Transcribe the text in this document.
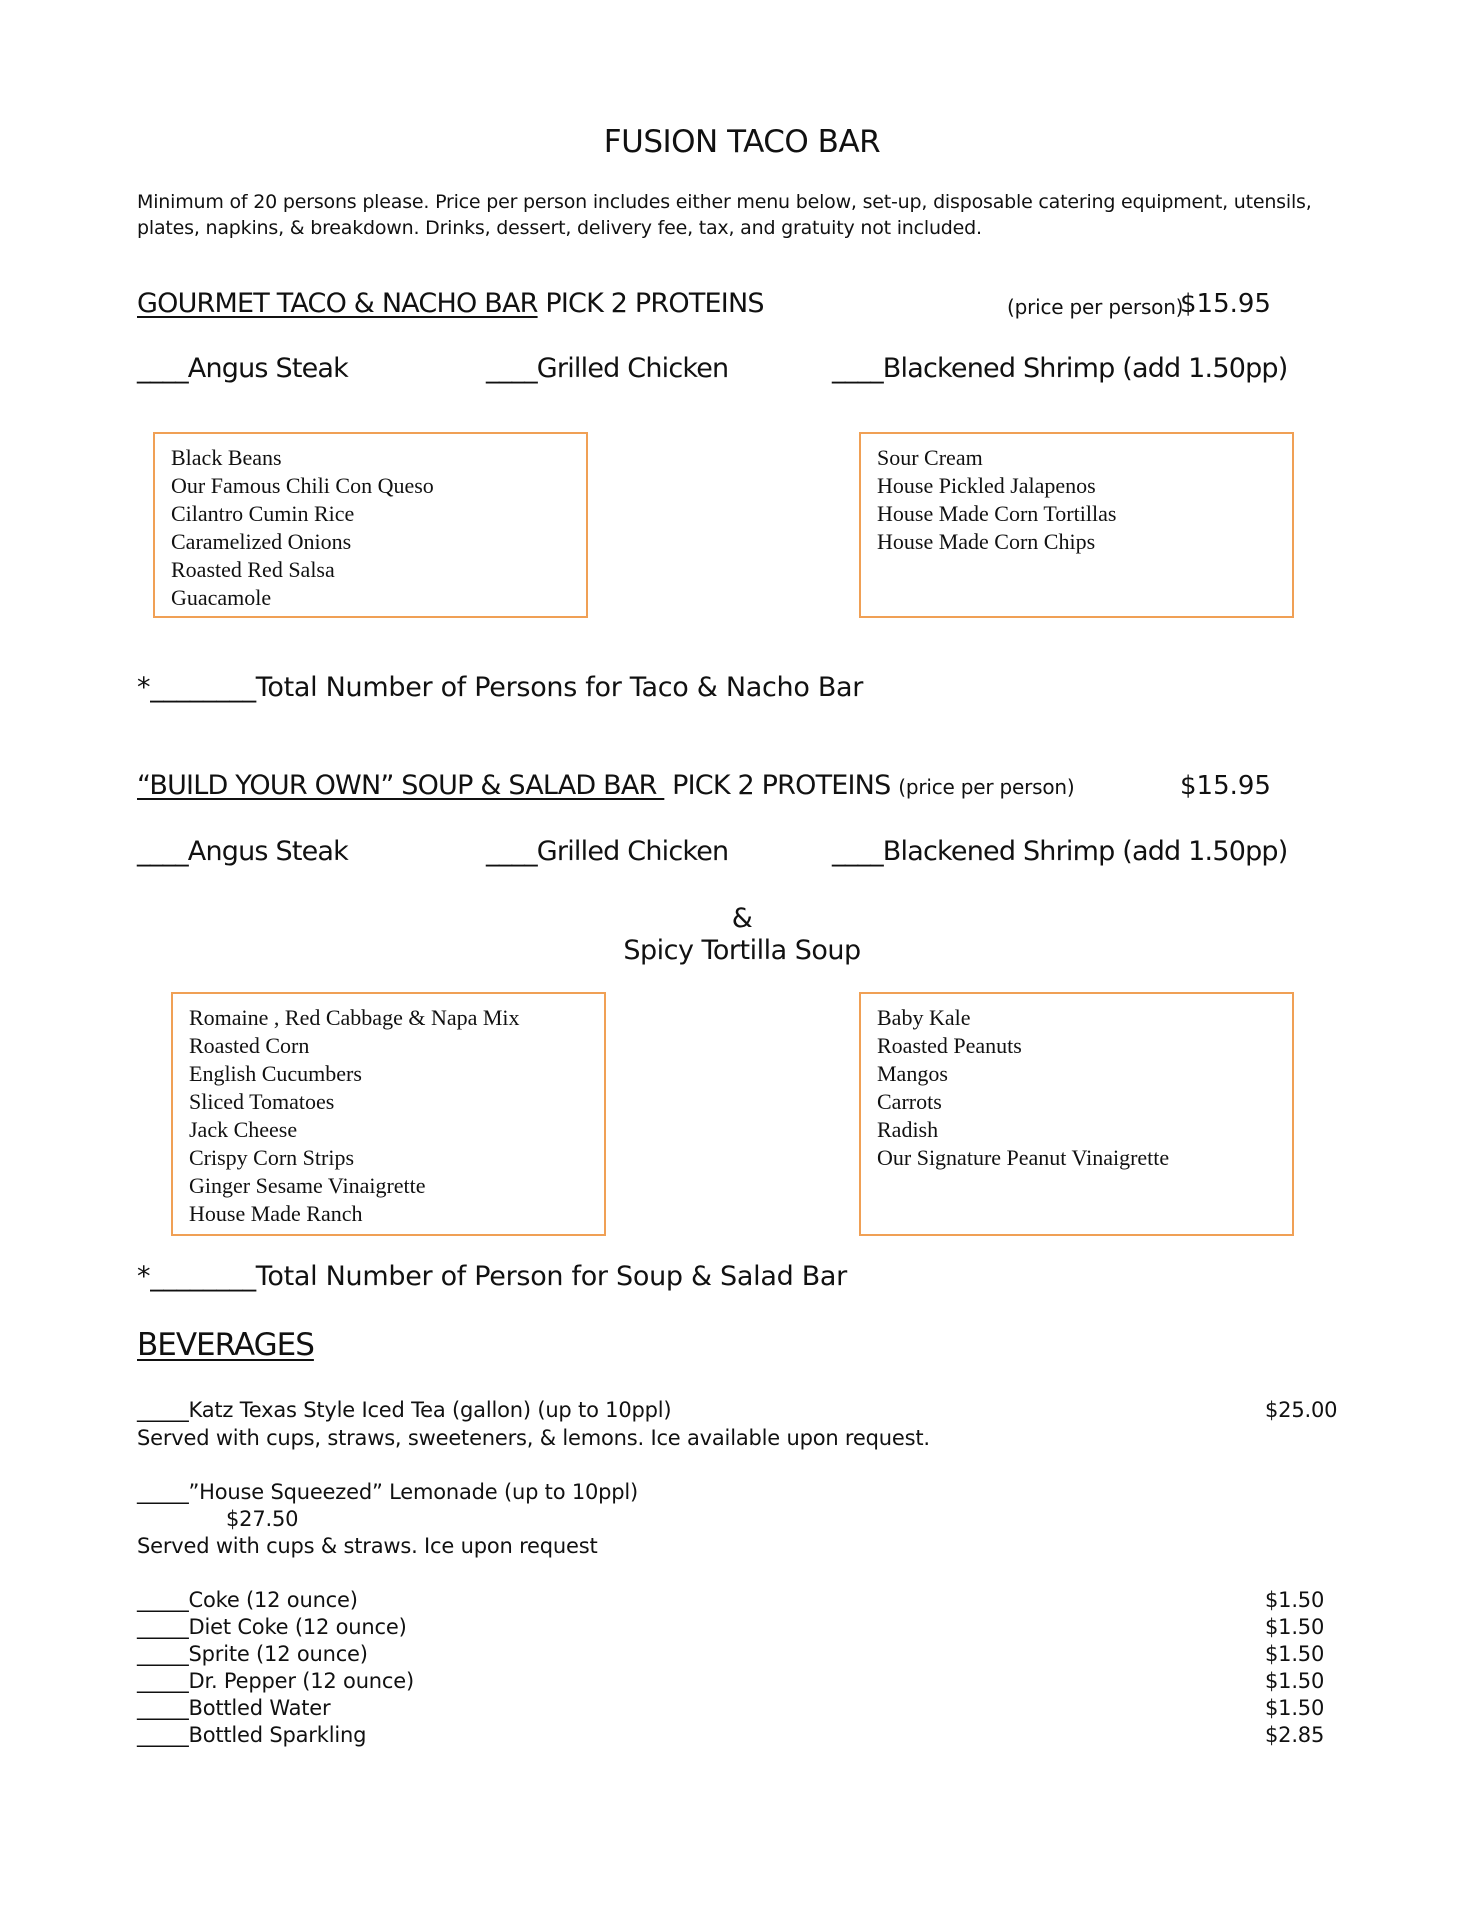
FUSION TACO BAR
Minimum of 20 persons please. Price per person includes either menu below, set-up, disposable catering equipment, utensils, plates, napkins, & breakdown. Drinks, dessert, delivery fee, tax, and gratuity not included.
GOURMET TACO & NACHO BAR PICK 2 PROTEINS	(price per person)
$15.95
____Angus Steak	____Grilled Chicken	____Blackened Shrimp (add 1.50pp)
Black Beans
Our Famous Chili Con Queso
Cilantro Cumin Rice
Caramelized Onions
Roasted Red Salsa
Guacamole
Sour Cream
House Pickled Jalapenos
House Made Corn Tortillas
House Made Corn Chips
*________Total Number of Persons for Taco & Nacho Bar
“BUILD YOUR OWN” SOUP & SALAD BAR  PICK 2 PROTEINS (price per person)	$15.95
____Angus Steak	____Grilled Chicken	____Blackened Shrimp (add 1.50pp)
&
Spicy Tortilla Soup
Romaine , Red Cabbage & Napa Mix
Roasted Corn
English Cucumbers
Sliced Tomatoes
Jack Cheese
Crispy Corn Strips
Ginger Sesame Vinaigrette
House Made Ranch
Baby Kale
Roasted Peanuts
Mangos
Carrots
Radish
Our Signature Peanut Vinaigrette
*________Total Number of Person for Soup & Salad Bar
BEVERAGES
_____Katz Texas Style Iced Tea (gallon) (up to 10ppl)	$25.00
Served with cups, straws, sweeteners, & lemons. Ice available upon request.
_____”House Squeezed” Lemonade (up to 10ppl)
$27.50
Served with cups & straws. Ice upon request
_____Coke (12 ounce)	$1.50
_____Diet Coke (12 ounce)	$1.50
_____Sprite (12 ounce)	$1.50
_____Dr. Pepper (12 ounce)	$1.50
_____Bottled Water	$1.50
_____Bottled Sparkling	$2.85
